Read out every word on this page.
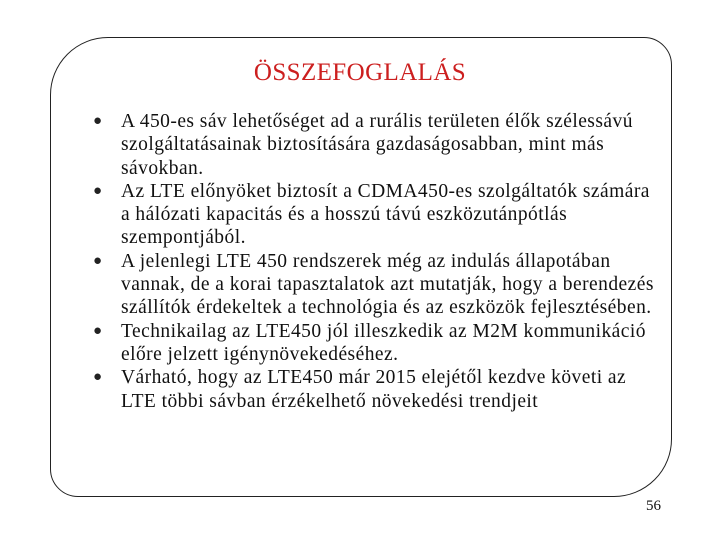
ÖSSZEFOGLALÁS
● A 450-es sáv lehetőséget ad a rurális területen élők szélessávú szolgáltatásainak biztosítására gazdaságosabban, mint más sávokban.
● Az LTE előnyöket biztosít a CDMA450-es szolgáltatók számára a hálózati kapacitás és a hosszú távú eszközutánpótlás szempontjából.
● A jelenlegi LTE 450 rendszerek még az indulás állapotában vannak, de a korai tapasztalatok azt mutatják, hogy a berendezés szállítók érdekeltek a technológia és az eszközök fejlesztésében.
● Technikailag az LTE450 jól illeszkedik az M2M kommunikáció előre jelzett igénynövekedéséhez.
● Várható, hogy az LTE450 már 2015 elejétől kezdve követi az LTE többi sávban érzékelhető növekedési trendjeit
56
